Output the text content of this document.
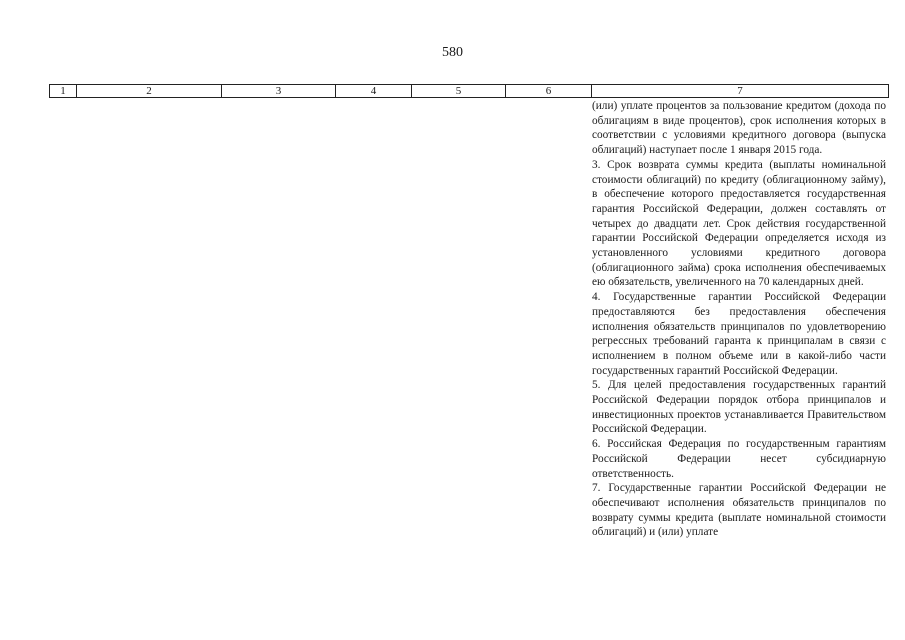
580
1	2	3	4	5	6	7

(или) уплате процентов за пользование кредитом (дохода по облигациям в виде процентов), срок исполнения которых в соответствии с условиями кредитного договора (выпуска облигаций) наступает после 1 января 2015 года.

3. Срок возврата суммы кредита (выплаты номинальной стоимости облигаций) по кредиту (облигационному займу), в обеспечение которого предоставляется государственная гарантия Российской Федерации, должен составлять от четырех до двадцати лет. Срок действия государственной гарантии Российской Федерации определяется исходя из установленного условиями кредитного договора (облигационного займа) срока исполнения обеспечиваемых ею обязательств, увеличенного на 70 календарных дней.

4. Государственные гарантии Российской Федерации предоставляются без предоставления обеспечения исполнения обязательств принципалов по удовлетворению регрессных требований гаранта к принципалам в связи с исполнением в полном объеме или в какой-либо части государственных гарантий Российской Федерации.

5. Для целей предоставления государственных гарантий Российской Федерации порядок отбора принципалов и инвестиционных проектов устанавливается Правительством Российской Федерации.

6. Российская Федерация по государственным гарантиям Российской Федерации несет субсидиарную ответственность.

7. Государственные гарантии Российской Федерации не обеспечивают исполнения обязательств принципалов по возврату суммы кредита (выплате номинальной стоимости облигаций) и (или) уплате
